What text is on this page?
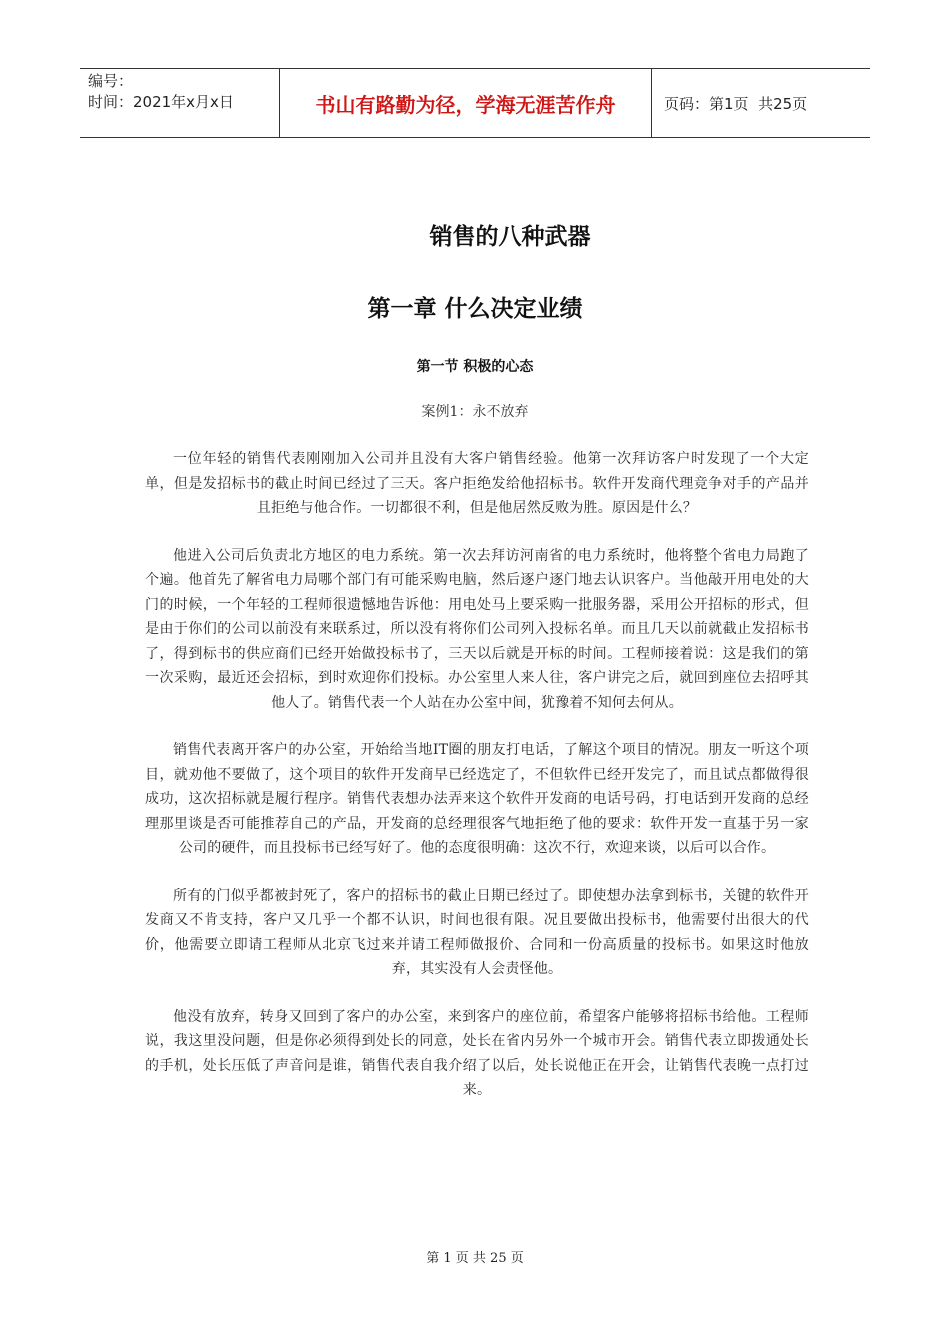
编号：
时间：2021年x月x日	书山有路勤为径，学海无涯苦作舟	页码：第1页  共25页
销售的八种武器
第一章 什么决定业绩
第一节 积极的心态
案例1：永不放弃

一位年轻的销售代表刚刚加入公司并且没有大客户销售经验。他第一次拜访客户时发现了一个大定单，但是发招标书的截止时间已经过了三天。客户拒绝发给他招标书。软件开发商代理竞争对手的产品并且拒绝与他合作。一切都很不利，但是他居然反败为胜。原因是什么？

他进入公司后负责北方地区的电力系统。第一次去拜访河南省的电力系统时，他将整个省电力局跑了个遍。他首先了解省电力局哪个部门有可能采购电脑，然后逐户逐门地去认识客户。当他敲开用电处的大门的时候，一个年轻的工程师很遗憾地告诉他：用电处马上要采购一批服务器，采用公开招标的形式，但是由于你们的公司以前没有来联系过，所以没有将你们公司列入投标名单。而且几天以前就截止发招标书了，得到标书的供应商们已经开始做投标书了，三天以后就是开标的时间。工程师接着说：这是我们的第一次采购，最近还会招标，到时欢迎你们投标。办公室里人来人往，客户讲完之后，就回到座位去招呼其他人了。销售代表一个人站在办公室中间，犹豫着不知何去何从。

销售代表离开客户的办公室，开始给当地IT圈的朋友打电话，了解这个项目的情况。朋友一听这个项目，就劝他不要做了，这个项目的软件开发商早已经选定了，不但软件已经开发完了，而且试点都做得很成功，这次招标就是履行程序。销售代表想办法弄来这个软件开发商的电话号码，打电话到开发商的总经理那里谈是否可能推荐自己的产品，开发商的总经理很客气地拒绝了他的要求：软件开发一直基于另一家公司的硬件，而且投标书已经写好了。他的态度很明确：这次不行，欢迎来谈，以后可以合作。

所有的门似乎都被封死了，客户的招标书的截止日期已经过了。即使想办法拿到标书，关键的软件开发商又不肯支持，客户又几乎一个都不认识，时间也很有限。况且要做出投标书，他需要付出很大的代价，他需要立即请工程师从北京飞过来并请工程师做报价、合同和一份高质量的投标书。如果这时他放弃，其实没有人会责怪他。

他没有放弃，转身又回到了客户的办公室，来到客户的座位前，希望客户能够将招标书给他。工程师说，我这里没问题，但是你必须得到处长的同意，处长在省内另外一个城市开会。销售代表立即拨通处长的手机，处长压低了声音问是谁，销售代表自我介绍了以后，处长说他正在开会，让销售代表晚一点打过来。

第 1 页 共 25 页
